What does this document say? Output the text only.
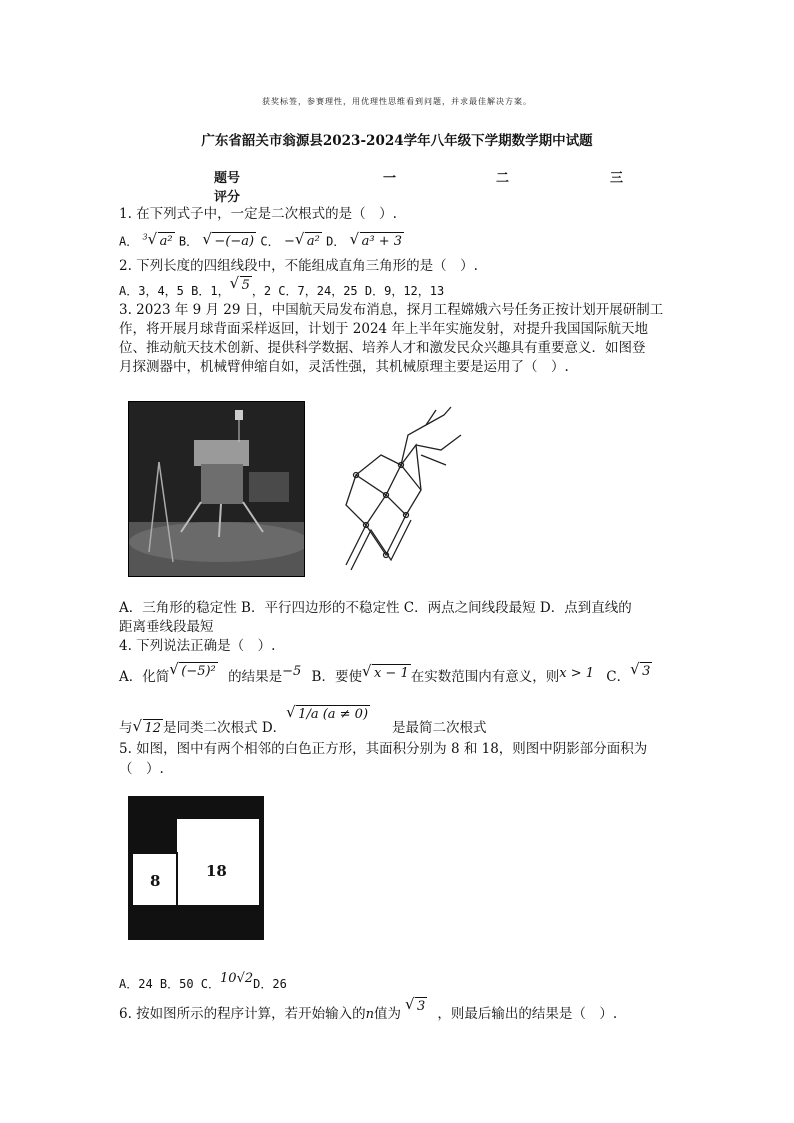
获奖标签，参赛理性，用优理性思维看到问题，并求最佳解决方案。
广东省韶关市翁源县2023-2024学年八年级下学期数学期中试题
题号	一	二	三
评分
1. 在下列式子中，一定是二次根式的是（　）.
A． $^3$ √ a² B． √ −(−a) C． − √ a² D． √ a³ + 3
2. 下列长度的四组线段中，不能组成直角三角形的是（　）.
A．3，4，5 B．1， √ 5 ，2 C．7，24，25 D．9，12，13
3. 2023 年 9 月 29 日，中国航天局发布消息，探月工程嫦娥六号任务正按计划开展研制工
作，将开展月球背面采样返回，计划于 2024 年上半年实施发射，对提升我国国际航天地
位、推动航天技术创新、提供科学数据、培养人才和激发民众兴趣具有重要意义．如图登
月探测器中，机械臂伸缩自如，灵活性强，其机械原理主要是运用了（　）.
A．三角形的稳定性 B．平行四边形的不稳定性 C．两点之间线段最短 D．点到直线的
距离垂线段最短
4. 下列说法正确是（　）.
A．化简 √ (−5)² 的结果是−5 B．要使 √ x − 1 在实数范围内有意义，则x > 1 C． √ 3
与 √ 12 是同类二次根式 D．√ 1/a (a ≠ 0)是最简二次根式
5. 如图，图中有两个相邻的白色正方形，其面积分别为 8 和 18，则图中阴影部分面积为
（　）.
8
18
A．24 B．50 C．10√2D．26
6. 按如图所示的程序计算，若开始输入的n值为 √ 3 ，则最后输出的结果是（　）.
